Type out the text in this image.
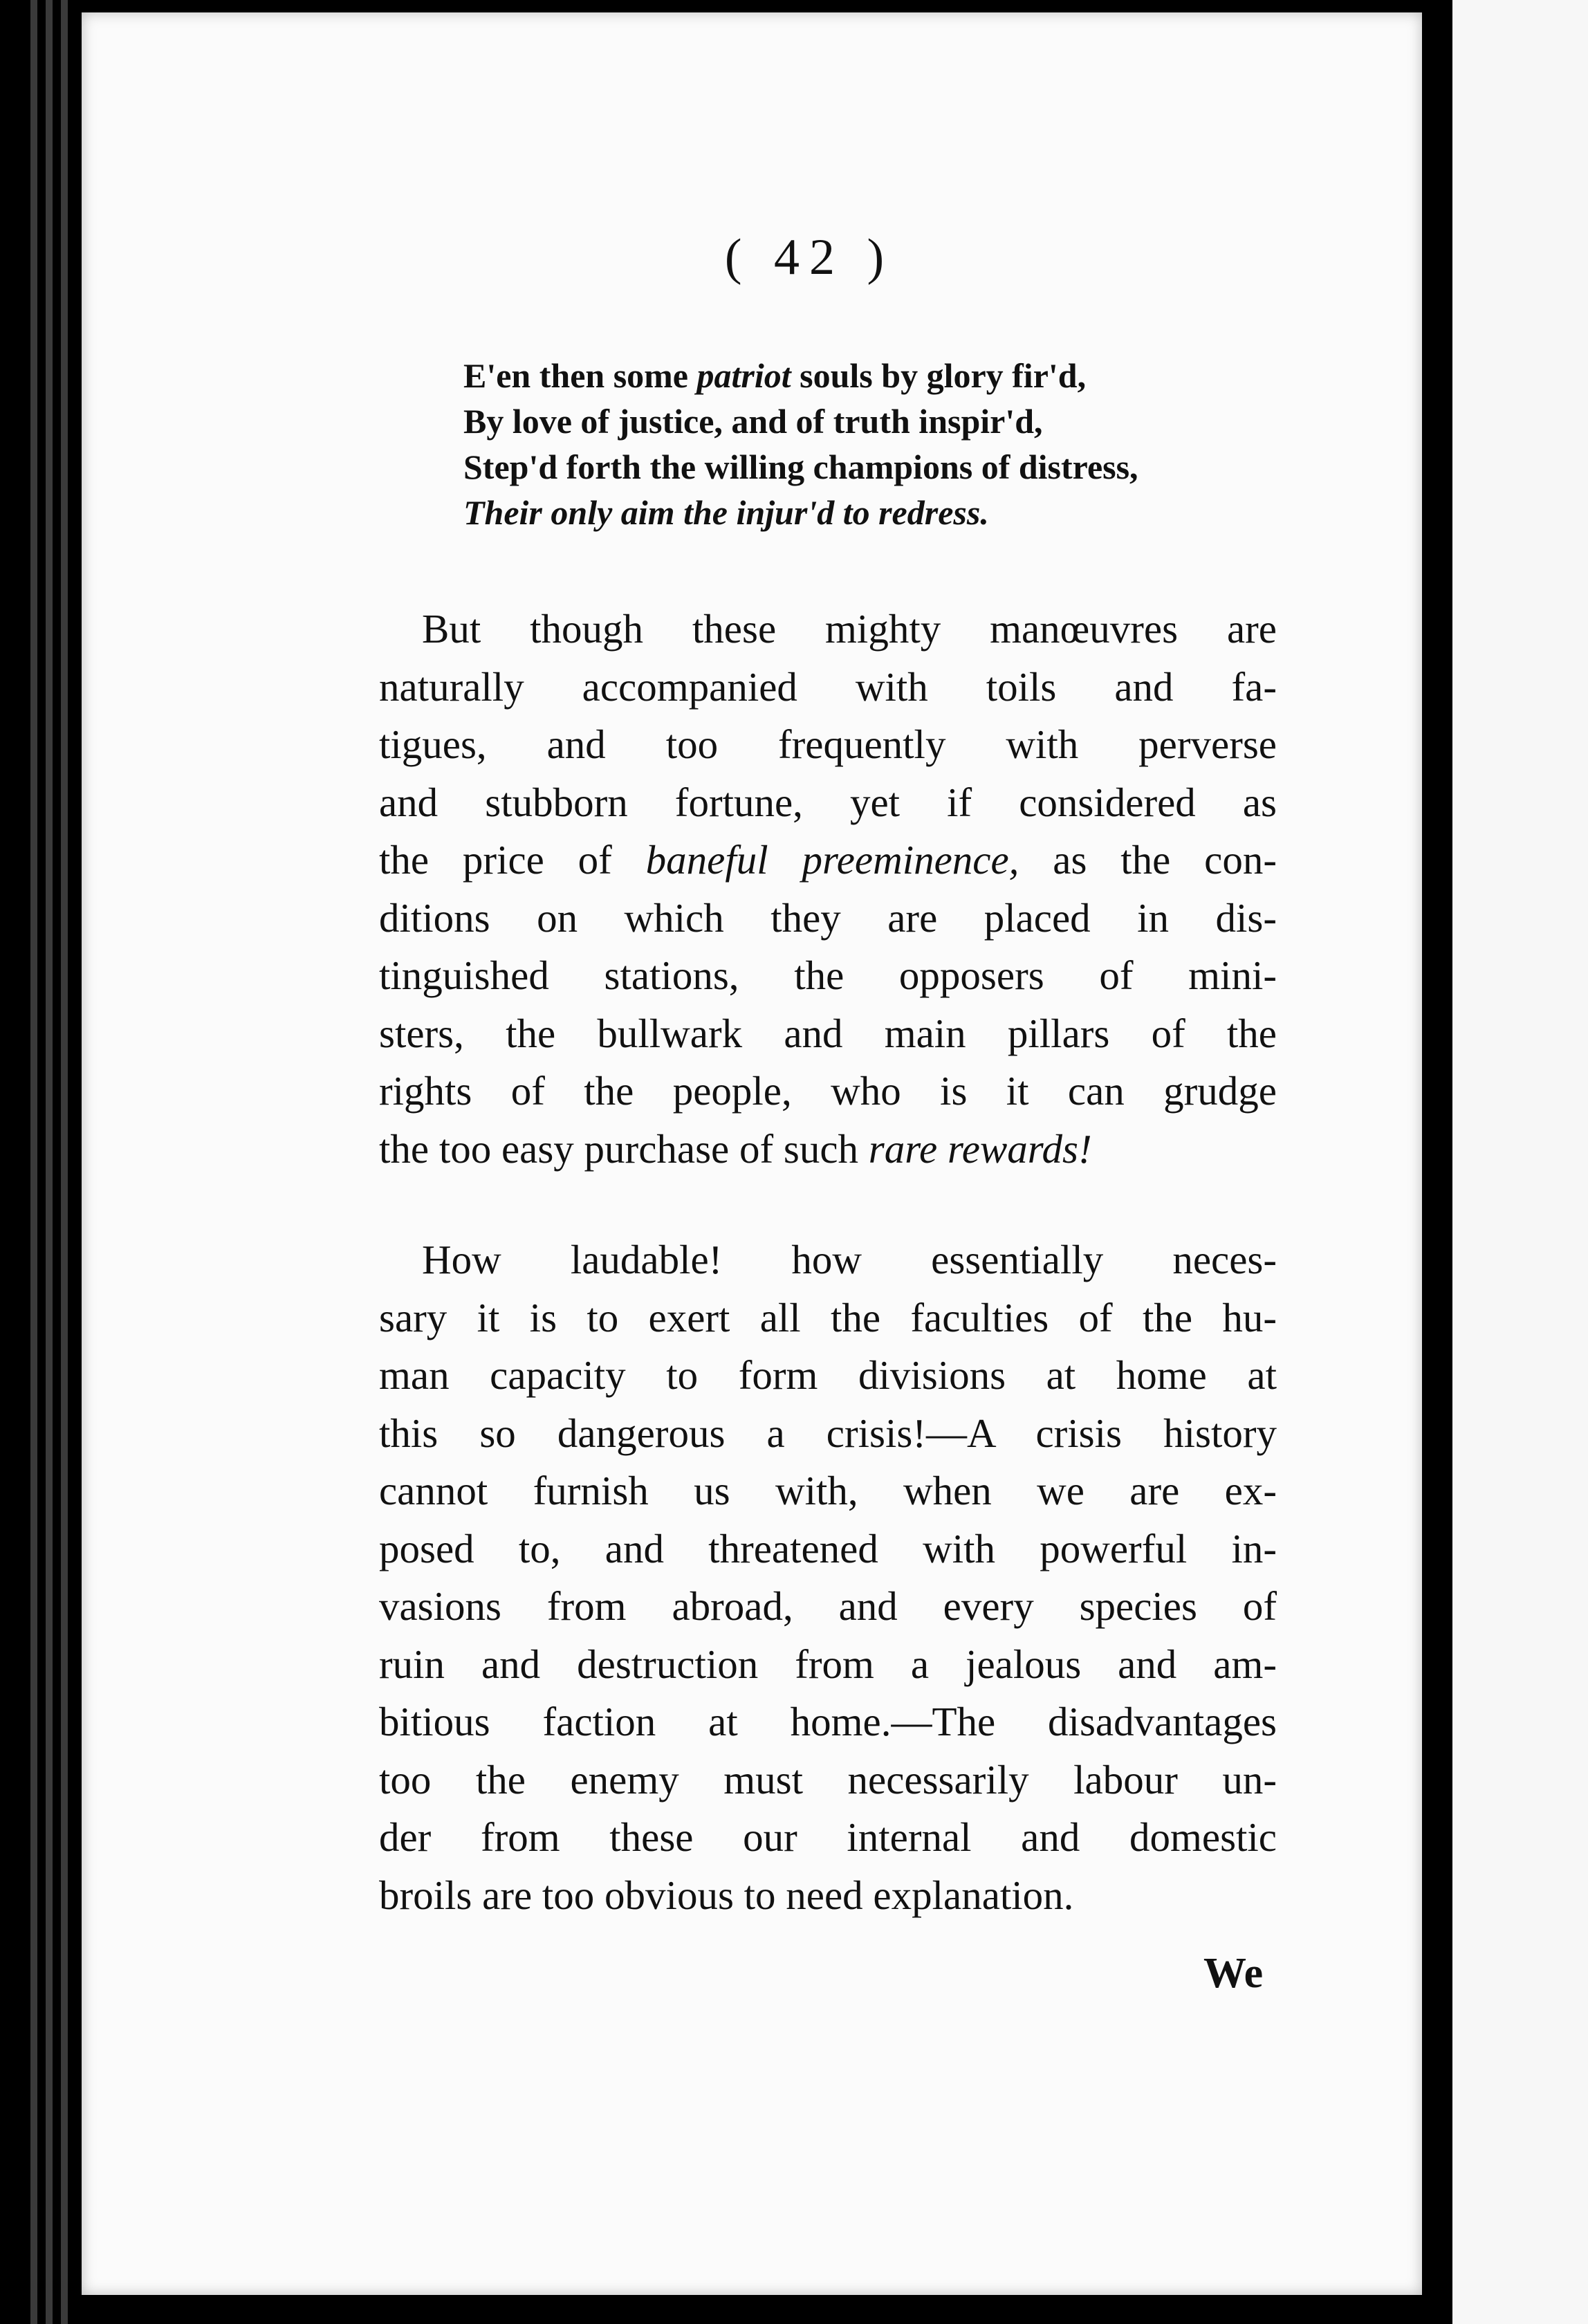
( 42 )
E'en then some patriot souls by glory fir'd,
By love of justice, and of truth inspir'd,
Step'd forth the willing champions of distress,
Their only aim the injur'd to redress.
But though these mighty manœuvres are
naturally accompanied with toils and fa-
tigues, and too frequently with perverse
and stubborn fortune, yet if considered as
the price of baneful preeminence, as the con-
ditions on which they are placed in dis-
tinguished stations, the opposers of mini-
sters, the bullwark and main pillars of the
rights of the people, who is it can grudge
the too easy purchase of such rare rewards!
How laudable! how essentially neces-
sary it is to exert all the faculties of the hu-
man capacity to form divisions at home at
this so dangerous a crisis!—A crisis history
cannot furnish us with, when we are ex-
posed to, and threatened with powerful in-
vasions from abroad, and every species of
ruin and destruction from a jealous and am-
bitious faction at home.—The disadvantages
too the enemy must necessarily labour un-
der from these our internal and domestic
broils are too obvious to need explanation.
We
